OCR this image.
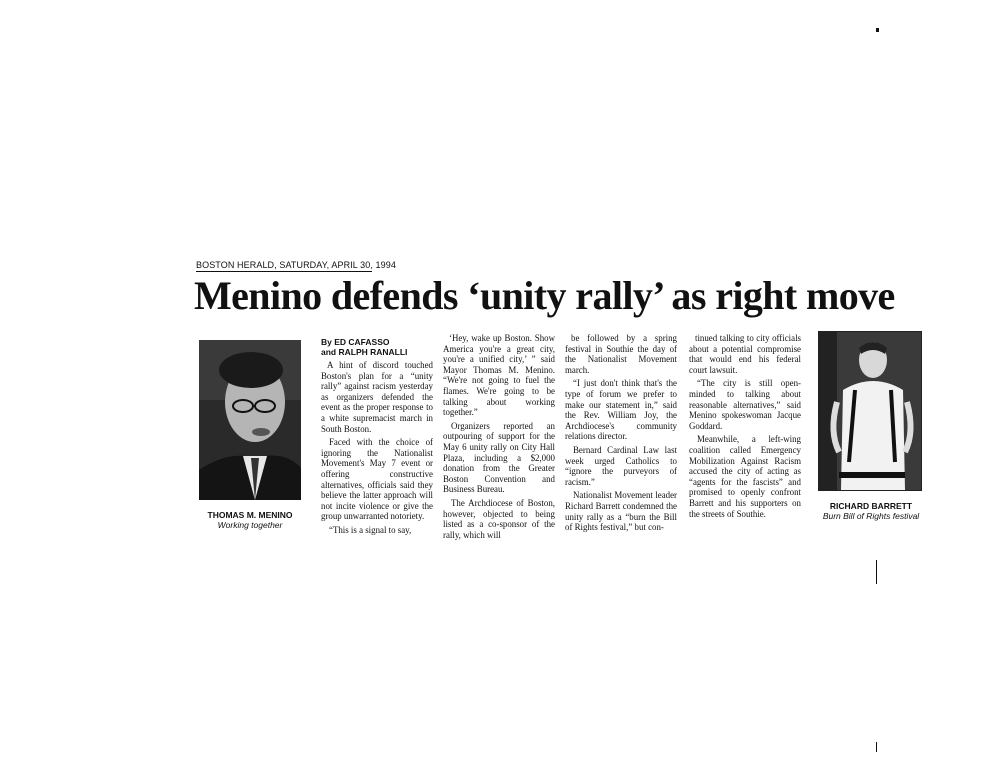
BOSTON HERALD, SATURDAY, APRIL 30, 1994
Menino defends ‘unity rally’ as right move
THOMAS M. MENINO
Working together
RICHARD BARRETT
Burn Bill of Rights festival
By ED CAFASSO
and RALPH RANALLI

A hint of discord touched Boston's plan for a “unity rally” against racism yesterday as organizers defended the event as the proper response to a white supremacist march in South Boston.

Faced with the choice of ignoring the Nationalist Movement's May 7 event or offering constructive alternatives, officials said they believe the latter approach will not incite violence or give the group unwarranted notoriety.

“This is a signal to say,

‘Hey, wake up Boston. Show America you're a great city, you're a unified city,’ ” said Mayor Thomas M. Menino. “We're not going to fuel the flames. We're going to be talking about working together.”

Organizers reported an outpouring of support for the May 6 unity rally on City Hall Plaza, including a $2,000 donation from the Greater Boston Convention and Business Bureau.

The Archdiocese of Boston, however, objected to being listed as a co-sponsor of the rally, which will

be followed by a spring festival in Southie the day of the Nationalist Movement march.

“I just don't think that's the type of forum we prefer to make our statement in,” said the Rev. William Joy, the Archdiocese's community relations director.

Bernard Cardinal Law last week urged Catholics to “ignore the purveyors of racism.”

Nationalist Movement leader Richard Barrett condemned the unity rally as a “burn the Bill of Rights festival,” but con-

tinued talking to city officials about a potential compromise that would end his federal court lawsuit.

“The city is still open-minded to talking about reasonable alternatives,” said Menino spokeswoman Jacque Goddard.

Meanwhile, a left-wing coalition called Emergency Mobilization Against Racism accused the city of acting as “agents for the fascists” and promised to openly confront Barrett and his supporters on the streets of Southie.
